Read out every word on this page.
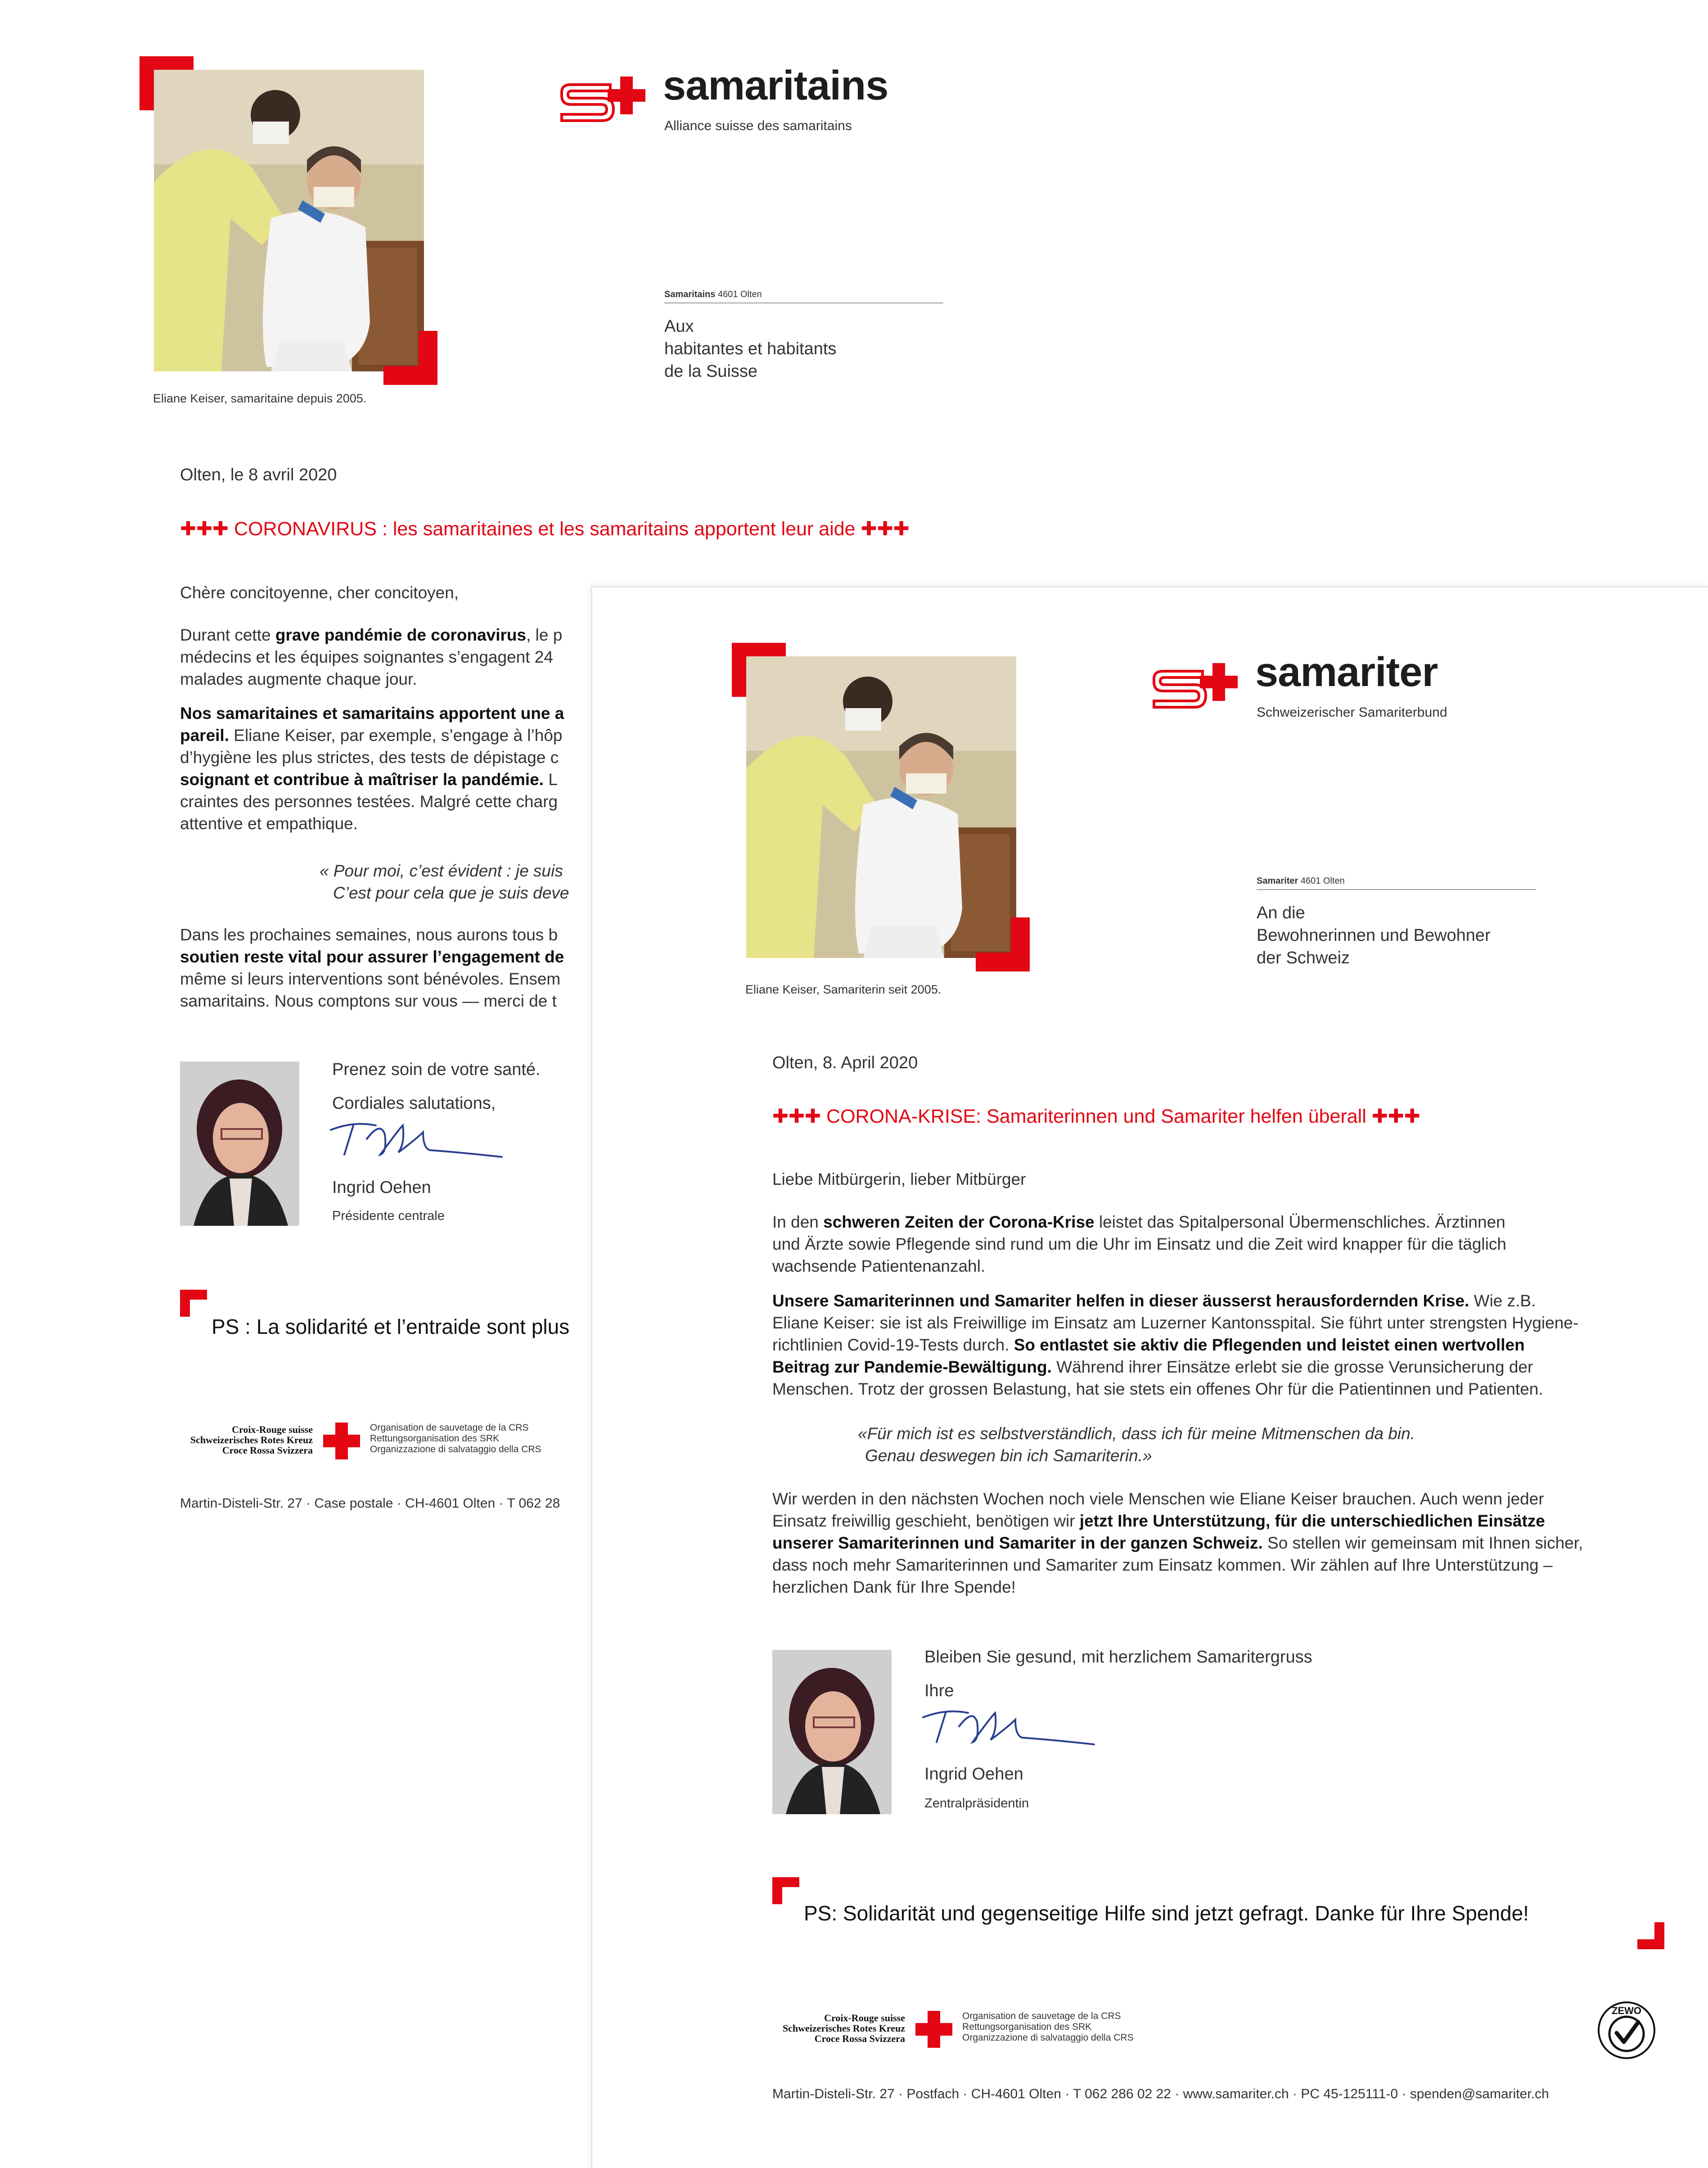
Eliane Keiser, samaritaine depuis 2005.
samaritains
Alliance suisse des samaritains
Samaritains 4601 Olten
Aux
habitantes et habitants
de la Suisse
Olten, le 8 avril 2020
✚✚✚ CORONAVIRUS : les samaritaines et les samaritains apportent leur aide ✚✚✚
Chère concitoyenne, cher concitoyen,
Durant cette grave pandémie de coronavirus, le p
médecins et les équipes soignantes s’engagent 24
malades augmente chaque jour.
Nos samaritaines et samaritains apportent une a
pareil. Eliane Keiser, par exemple, s’engage à l’hôp
d’hygiène les plus strictes, des tests de dépistage c
soignant et contribue à maîtriser la pandémie. L
craintes des personnes testées. Malgré cette charg
attentive et empathique.
« Pour moi, c’est évident : je suis
C’est pour cela que je suis deve
Dans les prochaines semaines, nous aurons tous b
soutien reste vital pour assurer l’engagement de
même si leurs interventions sont bénévoles. Ensem
samaritains. Nous comptons sur vous — merci de t
Prenez soin de votre santé.
Cordiales salutations,
Ingrid Oehen
Présidente centrale
PS : La solidarité et l’entraide sont plus
Croix-Rouge suisse
Schweizerisches Rotes Kreuz
Croce Rossa Svizzera
Organisation de sauvetage de la CRS
Rettungsorganisation des SRK
Organizzazione di salvataggio della CRS
Martin-Disteli-Str. 27 · Case postale · CH-4601 Olten · T 062 28
Eliane Keiser, Samariterin seit 2005.
samariter
Schweizerischer Samariterbund
Samariter 4601 Olten
An die
Bewohnerinnen und Bewohner
der Schweiz
Olten, 8. April 2020
✚✚✚ CORONA-KRISE: Samariterinnen und Samariter helfen überall ✚✚✚
Liebe Mitbürgerin, lieber Mitbürger
In den schweren Zeiten der Corona-Krise leistet das Spitalpersonal Übermenschliches. Ärztinnen
und Ärzte sowie Pflegende sind rund um die Uhr im Einsatz und die Zeit wird knapper für die täglich
wachsende Patientenanzahl.
Unsere Samariterinnen und Samariter helfen in dieser äusserst herausfordernden Krise. Wie z.B.
Eliane Keiser: sie ist als Freiwillige im Einsatz am Luzerner Kantonsspital. Sie führt unter strengsten Hygiene-
richtlinien Covid-19-Tests durch. So entlastet sie aktiv die Pflegenden und leistet einen wertvollen
Beitrag zur Pandemie-Bewältigung. Während ihrer Einsätze erlebt sie die grosse Verunsicherung der
Menschen. Trotz der grossen Belastung, hat sie stets ein offenes Ohr für die Patientinnen und Patienten.
«Für mich ist es selbstverständlich, dass ich für meine Mitmenschen da bin.
Genau deswegen bin ich Samariterin.»
Wir werden in den nächsten Wochen noch viele Menschen wie Eliane Keiser brauchen. Auch wenn jeder
Einsatz freiwillig geschieht, benötigen wir jetzt Ihre Unterstützung, für die unterschiedlichen Einsätze
unserer Samariterinnen und Samariter in der ganzen Schweiz. So stellen wir gemeinsam mit Ihnen sicher,
dass noch mehr Samariterinnen und Samariter zum Einsatz kommen. Wir zählen auf Ihre Unterstützung –
herzlichen Dank für Ihre Spende!
Bleiben Sie gesund, mit herzlichem Samaritergruss
Ihre
Ingrid Oehen
Zentralpräsidentin
PS: Solidarität und gegenseitige Hilfe sind jetzt gefragt. Danke für Ihre Spende!
Croix-Rouge suisse
Schweizerisches Rotes Kreuz
Croce Rossa Svizzera
Organisation de sauvetage de la CRS
Rettungsorganisation des SRK
Organizzazione di salvataggio della CRS
ZEWO
Martin-Disteli-Str. 27 · Postfach · CH-4601 Olten · T 062 286 02 22 · www.samariter.ch · PC 45-125111-0 · spenden@samariter.ch
